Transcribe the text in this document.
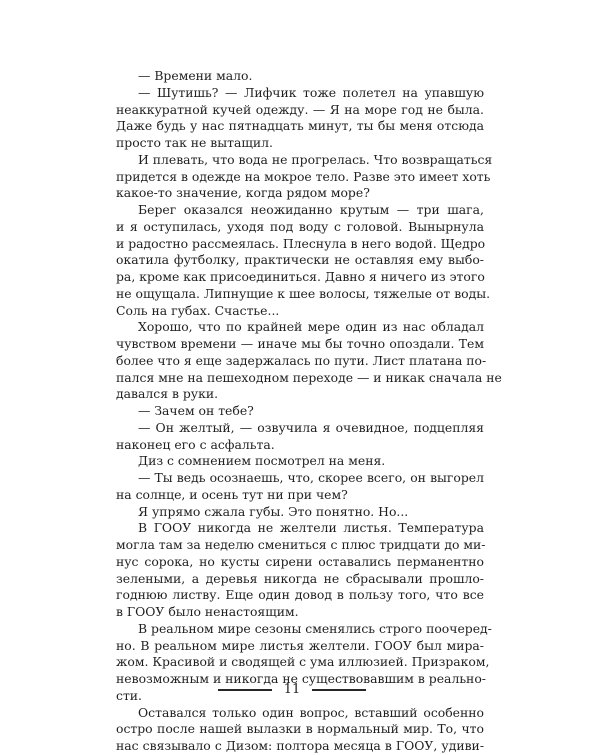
— Времени мало.
— Шутишь? — Лифчик тоже полетел на упавшую
неаккуратной кучей одежду. — Я на море год не была.
Даже будь у нас пятнадцать минут, ты бы меня отсюда
просто так не вытащил.
И плевать, что вода не прогрелась. Что возвращаться
придется в одежде на мокрое тело. Разве это имеет хоть
какое-то значение, когда рядом море?
Берег оказался неожиданно крутым — три шага,
и я оступилась, уходя под воду с головой. Вынырнула
и радостно рассмеялась. Плеснула в него водой. Щедро
окатила футболку, практически не оставляя ему выбо-
ра, кроме как присоединиться. Давно я ничего из этого
не ощущала. Липнущие к шее волосы, тяжелые от воды.
Соль на губах. Счастье...
Хорошо, что по крайней мере один из нас обладал
чувством времени — иначе мы бы точно опоздали. Тем
более что я еще задержалась по пути. Лист платана по-
пался мне на пешеходном переходе — и никак сначала не
давался в руки.
— Зачем он тебе?
— Он желтый, — озвучила я очевидное, подцепляя
наконец его с асфальта.
Диз с сомнением посмотрел на меня.
— Ты ведь осознаешь, что, скорее всего, он выгорел
на солнце, и осень тут ни при чем?
Я упрямо сжала губы. Это понятно. Но...
В ГООУ никогда не желтели листья. Температура
могла там за неделю смениться с плюс тридцати до ми-
нус сорока, но кусты сирени оставались перманентно
зелеными, а деревья никогда не сбрасывали прошло-
годнюю листву. Еще один довод в пользу того, что все
в ГООУ было ненастоящим.
В реальном мире сезоны сменялись строго поочеред-
но. В реальном мире листья желтели. ГООУ был мира-
жом. Красивой и сводящей с ума иллюзией. Призраком,
невозможным и никогда не существовавшим в реально-
сти.
Оставался только один вопрос, вставший особенно
остро после нашей вылазки в нормальный мир. То, что
нас связывало с Дизом: полтора месяца в ГООУ, удиви-
11
